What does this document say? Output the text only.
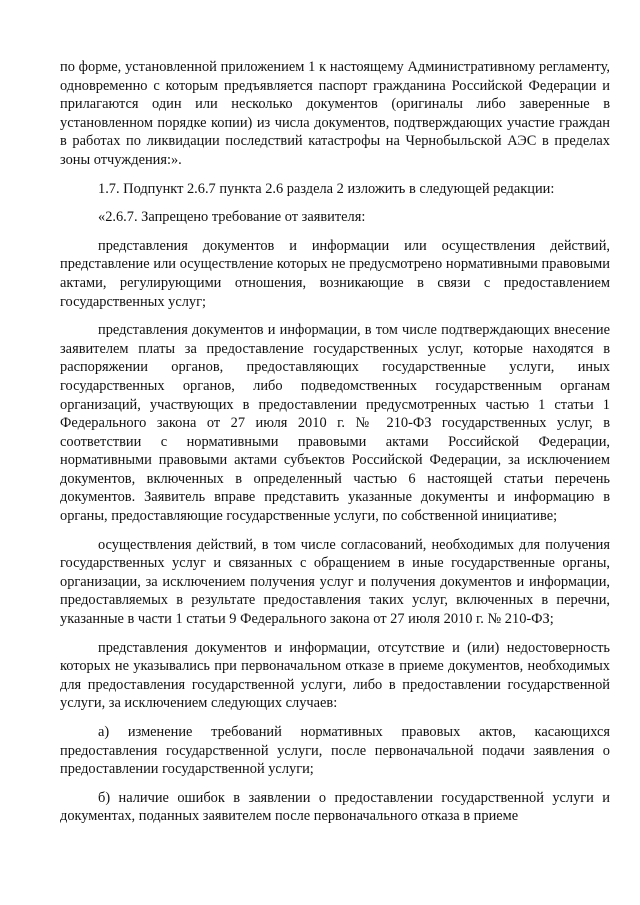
по форме, установленной приложением 1 к настоящему Административному регламенту, одновременно с которым предъявляется паспорт гражданина Российской Федерации и прилагаются один или несколько документов (оригиналы либо заверенные в установленном порядке копии) из числа документов, подтверждающих участие граждан в работах по ликвидации последствий катастрофы на Чернобыльской АЭС в пределах зоны отчуждения:».

1.7. Подпункт 2.6.7 пункта 2.6 раздела 2 изложить в следующей редакции:

«2.6.7. Запрещено требование от заявителя:

представления документов и информации или осуществления действий, представление или осуществление которых не предусмотрено нормативными правовыми актами, регулирующими отношения, возникающие в связи с предоставлением государственных услуг;

представления документов и информации, в том числе подтверждающих внесение заявителем платы за предоставление государственных услуг, которые находятся в распоряжении органов, предоставляющих государственные услуги, иных государственных органов, либо подведомственных государственным органам организаций, участвующих в предоставлении предусмотренных частью 1 статьи 1 Федерального закона от 27 июля 2010 г. № 210-ФЗ государственных услуг, в соответствии с нормативными правовыми актами Российской Федерации, нормативными правовыми актами субъектов Российской Федерации, за исключением документов, включенных в определенный частью 6 настоящей статьи перечень документов. Заявитель вправе представить указанные документы и информацию в органы, предоставляющие государственные услуги, по собственной инициативе;

осуществления действий, в том числе согласований, необходимых для получения государственных услуг и связанных с обращением в иные государственные органы, организации, за исключением получения услуг и получения документов и информации, предоставляемых в результате предоставления таких услуг, включенных в перечни, указанные в части 1 статьи 9 Федерального закона от 27 июля 2010 г. № 210-ФЗ;

представления документов и информации, отсутствие и (или) недостоверность которых не указывались при первоначальном отказе в приеме документов, необходимых для предоставления государственной услуги, либо в предоставлении государственной услуги, за исключением следующих случаев:

а) изменение требований нормативных правовых актов, касающихся предоставления государственной услуги, после первоначальной подачи заявления о предоставлении государственной услуги;

б) наличие ошибок в заявлении о предоставлении государственной услуги и документах, поданных заявителем после первоначального отказа в приеме
